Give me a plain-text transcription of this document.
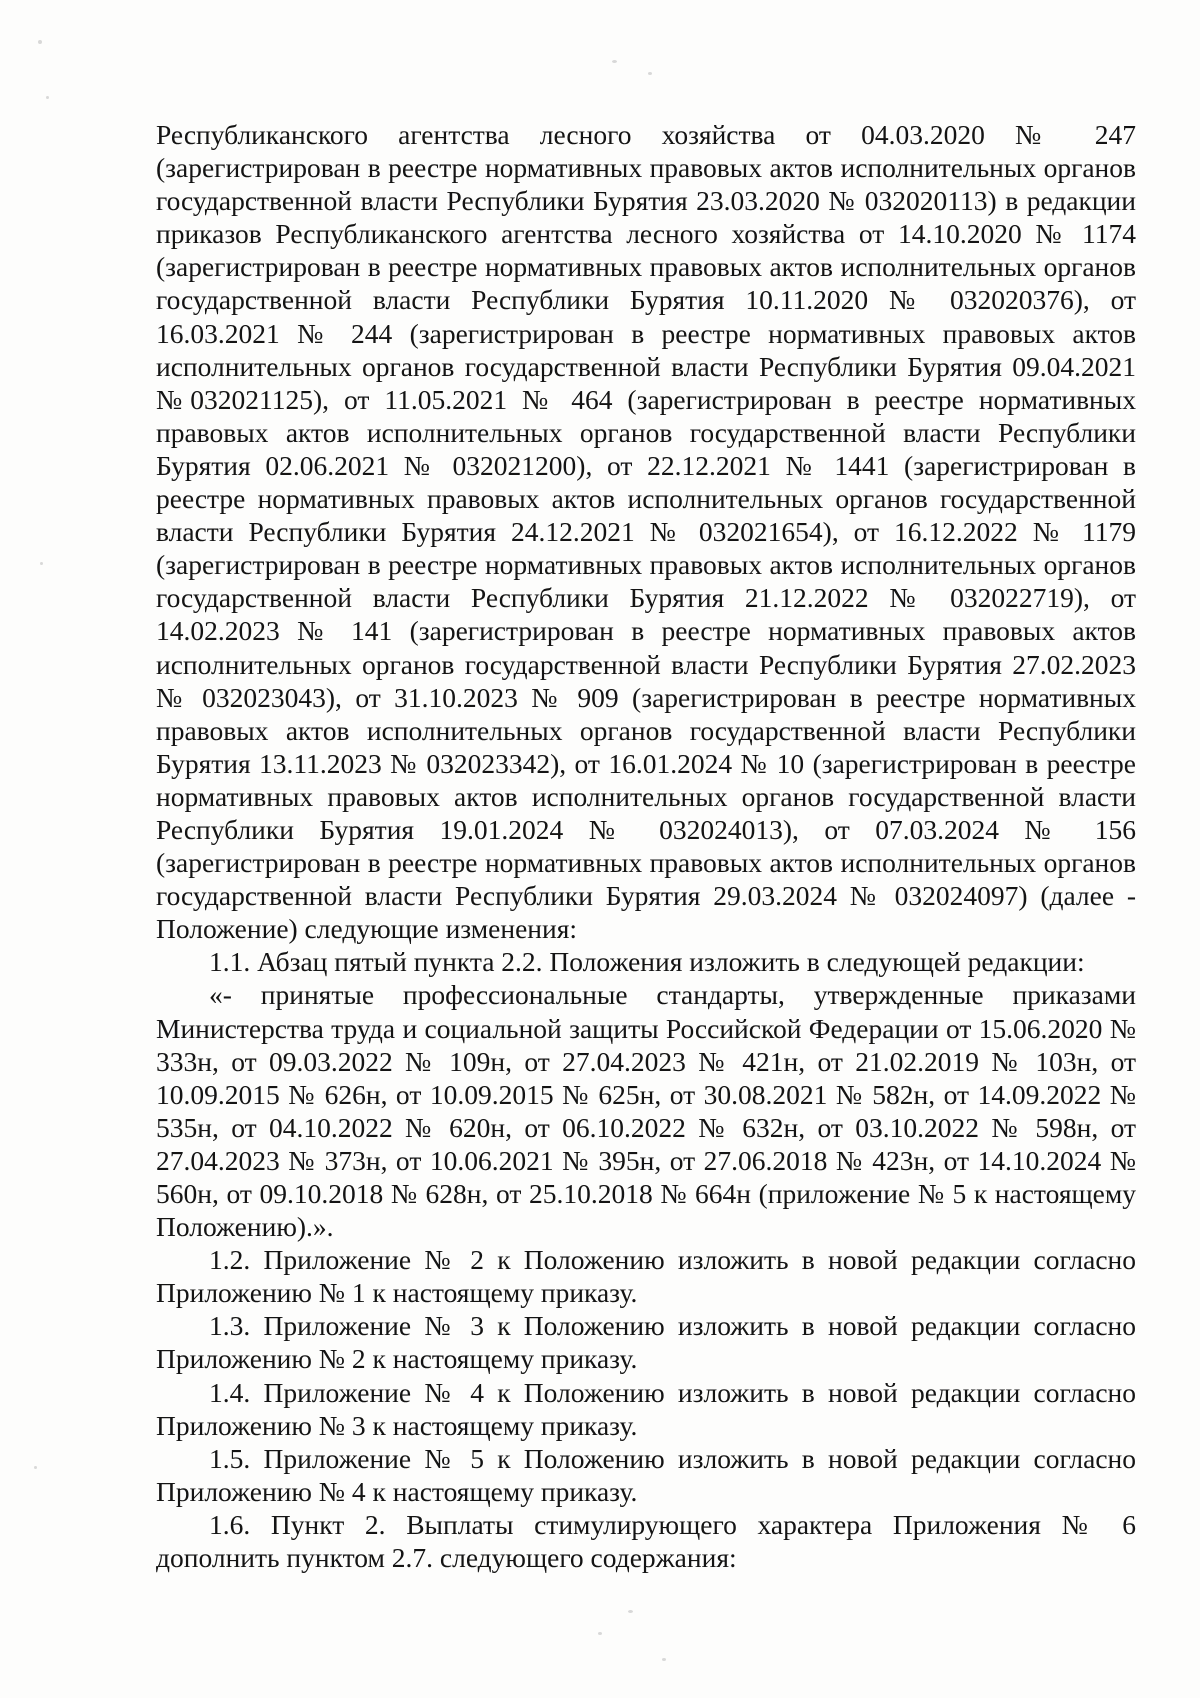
Республиканского агентства лесного хозяйства от 04.03.2020 № 247 (зарегистрирован в реестре нормативных правовых актов исполнительных органов государственной власти Республики Бурятия 23.03.2020 № 032020113) в редакции приказов Республиканского агентства лесного хозяйства от 14.10.2020 № 1174 (зарегистрирован в реестре нормативных правовых актов исполнительных органов государственной власти Республики Бурятия 10.11.2020 № 032020376), от 16.03.2021 № 244 (зарегистрирован в реестре нормативных правовых актов исполнительных органов государственной власти Республики Бурятия 09.04.2021 №032021125), от 11.05.2021 № 464 (зарегистрирован в реестре нормативных правовых актов исполнительных органов государственной власти Республики Бурятия 02.06.2021 № 032021200), от 22.12.2021 № 1441 (зарегистрирован в реестре нормативных правовых актов исполнительных органов государственной власти Республики Бурятия 24.12.2021 № 032021654), от 16.12.2022 № 1179 (зарегистрирован в реестре нормативных правовых актов исполнительных органов государственной власти Республики Бурятия 21.12.2022 № 032022719), от 14.02.2023 № 141 (зарегистрирован в реестре нормативных правовых актов исполнительных органов государственной власти Республики Бурятия 27.02.2023 № 032023043), от 31.10.2023 № 909 (зарегистрирован в реестре нормативных правовых актов исполнительных органов государственной власти Республики Бурятия 13.11.2023 № 032023342), от 16.01.2024 № 10 (зарегистрирован в реестре нормативных правовых актов исполнительных органов государственной власти Республики Бурятия 19.01.2024 № 032024013), от 07.03.2024 № 156 (зарегистрирован в реестре нормативных правовых актов исполнительных органов государственной власти Республики Бурятия 29.03.2024 № 032024097) (далее - Положение) следующие изменения:

1.1. Абзац пятый пункта 2.2. Положения изложить в следующей редакции:

«- принятые профессиональные стандарты, утвержденные приказами Министерства труда и социальной защиты Российской Федерации от 15.06.2020 № 333н, от 09.03.2022 № 109н, от 27.04.2023 № 421н, от 21.02.2019 № 103н, от 10.09.2015 № 626н, от 10.09.2015 № 625н, от 30.08.2021 № 582н, от 14.09.2022 № 535н, от 04.10.2022 № 620н, от 06.10.2022 № 632н, от 03.10.2022 № 598н, от 27.04.2023 № 373н, от 10.06.2021 № 395н, от 27.06.2018 № 423н, от 14.10.2024 № 560н, от 09.10.2018 № 628н, от 25.10.2018 № 664н (приложение № 5 к настоящему Положению).».

1.2. Приложение № 2 к Положению изложить в новой редакции согласно Приложению № 1 к настоящему приказу.

1.3. Приложение № 3 к Положению изложить в новой редакции согласно Приложению № 2 к настоящему приказу.

1.4. Приложение № 4 к Положению изложить в новой редакции согласно Приложению № 3 к настоящему приказу.

1.5. Приложение № 5 к Положению изложить в новой редакции согласно Приложению № 4 к настоящему приказу.

1.6. Пункт 2. Выплаты стимулирующего характера Приложения № 6 дополнить пунктом 2.7. следующего содержания:
